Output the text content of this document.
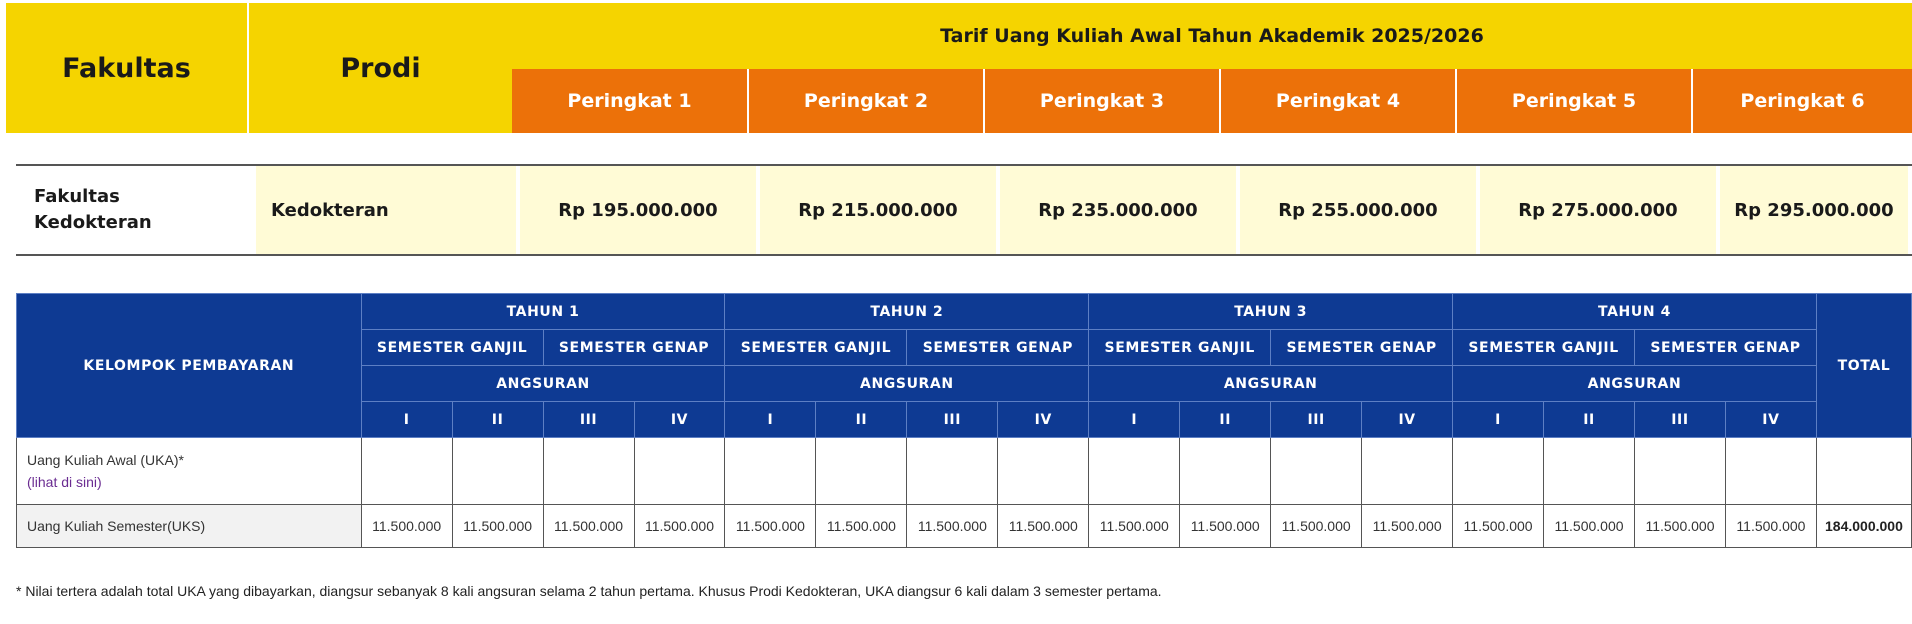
Fakultas	Prodi	Tarif Uang Kuliah Awal Tahun Akademik 2025/2026					
		Peringkat 1	Peringkat 2	Peringkat 3	Peringkat 4	Peringkat 5	Peringkat 6
Fakultas
Kedokteran
Kedokteran	Rp 195.000.000	Rp 215.000.000	Rp 235.000.000	Rp 255.000.000	Rp 275.000.000	Rp 295.000.000
KELOMPOK PEMBAYARAN	TAHUN 1				TAHUN 2				TAHUN 3				TAHUN 4				TOTAL
	SEMESTER GANJIL		SEMESTER GENAP		SEMESTER GANJIL		SEMESTER GENAP		SEMESTER GANJIL		SEMESTER GENAP		SEMESTER GANJIL		SEMESTER GENAP		
	ANGSURAN				ANGSURAN				ANGSURAN				ANGSURAN				
	I	II	III	IV	I	II	III	IV	I	II	III	IV	I	II	III	IV	

Uang Kuliah Awal (UKA)*
(lihat di sini)																	

Uang Kuliah Semester(UKS)	11.500.000	11.500.000	11.500.000	11.500.000	11.500.000	11.500.000	11.500.000	11.500.000	11.500.000	11.500.000	11.500.000	11.500.000	11.500.000	11.500.000	11.500.000	11.500.000	184.000.000
* Nilai tertera adalah total UKA yang dibayarkan, diangsur sebanyak 8 kali angsuran selama 2 tahun pertama. Khusus Prodi Kedokteran, UKA diangsur 6 kali dalam 3 semester pertama.
